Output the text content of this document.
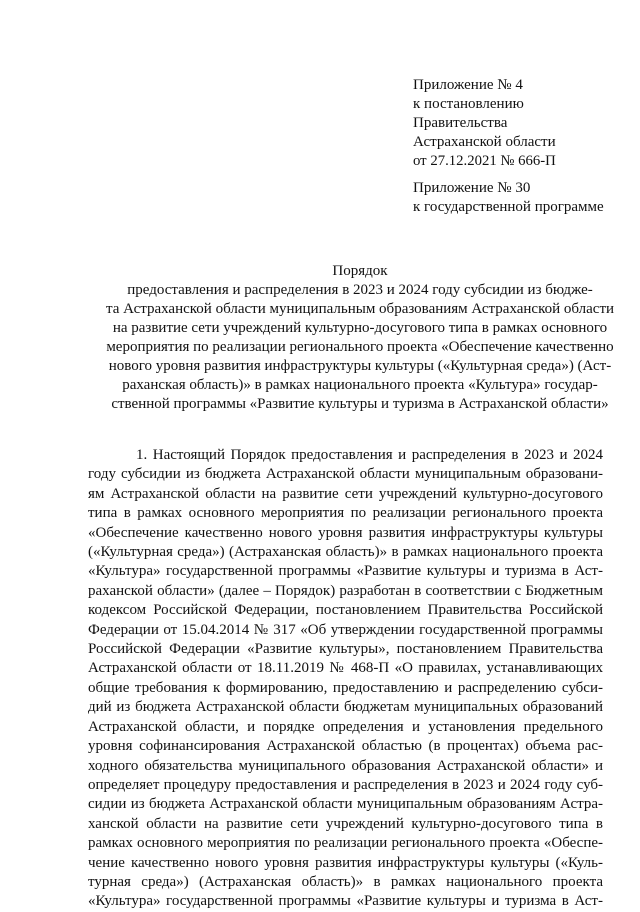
Приложение № 4
к постановлению
Правительства
Астраханской области
от 27.12.2021 № 666-П
Приложение № 30
к государственной программе
Порядок
предоставления и распределения в 2023 и 2024 году субсидии из бюдже-
та Астраханской области муниципальным образованиям Астраханской области
на развитие сети учреждений культурно-досугового типа в рамках основного
мероприятия по реализации регионального проекта «Обеспечение качественно
нового уровня развития инфраструктуры культуры («Культурная среда») (Аст-
раханская область)» в рамках национального проекта «Культура» государ-
ственной программы «Развитие культуры и туризма в Астраханской области»
1. Настоящий Порядок предоставления и распределения в 2023 и 2024
году субсидии из бюджета Астраханской области муниципальным образовани-
ям Астраханской области на развитие сети учреждений культурно-досугового
типа в рамках основного мероприятия по реализации регионального проекта
«Обеспечение качественно нового уровня развития инфраструктуры культуры
(«Культурная среда») (Астраханская область)» в рамках национального проекта
«Культура» государственной программы «Развитие культуры и туризма в Аст-
раханской области» (далее – Порядок) разработан в соответствии с Бюджетным
кодексом Российской Федерации, постановлением Правительства Российской
Федерации от 15.04.2014 № 317 «Об утверждении государственной программы
Российской Федерации «Развитие культуры», постановлением Правительства
Астраханской области от 18.11.2019 № 468-П «О правилах, устанавливающих
общие требования к формированию, предоставлению и распределению субси-
дий из бюджета Астраханской области бюджетам муниципальных образований
Астраханской области, и порядке определения и установления предельного
уровня софинансирования Астраханской областью (в процентах) объема рас-
ходного обязательства муниципального образования Астраханской области» и
определяет процедуру предоставления и распределения в 2023 и 2024 году суб-
сидии из бюджета Астраханской области муниципальным образованиям Астра-
ханской области на развитие сети учреждений культурно-досугового типа в
рамках основного мероприятия по реализации регионального проекта «Обеспе-
чение качественно нового уровня развития инфраструктуры культуры («Куль-
турная среда») (Астраханская область)» в рамках национального проекта
«Культура» государственной программы «Развитие культуры и туризма в Аст-
